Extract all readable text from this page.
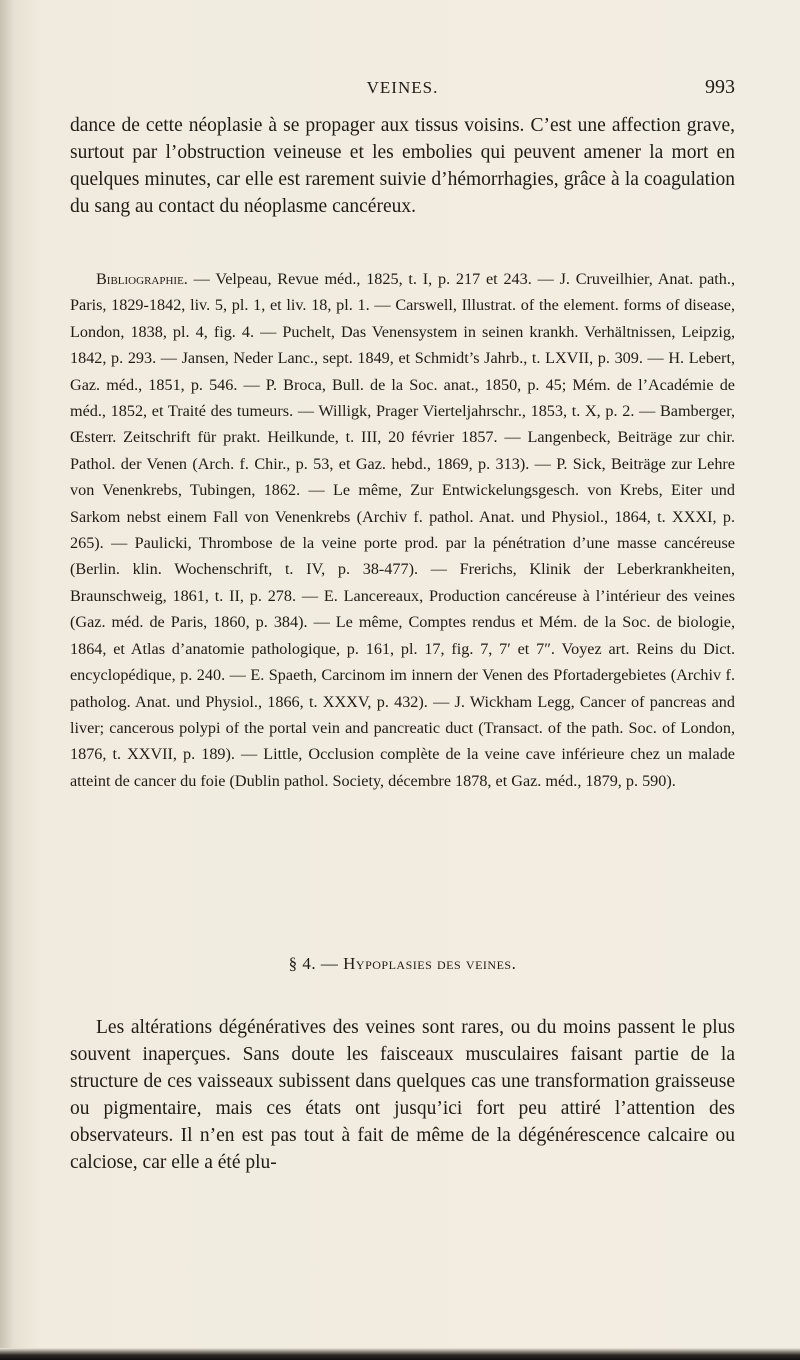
VEINES.	993

dance de cette néoplasie à se propager aux tissus voisins. C’est une affection grave, surtout par l’obstruction veineuse et les embolies qui peuvent amener la mort en quelques minutes, car elle est rarement suivie d’hémorrhagies, grâce à la coagulation du sang au contact du néoplasme cancéreux.

Bibliographie. — Velpeau, Revue méd., 1825, t. I, p. 217 et 243. — J. Cruveilhier, Anat. path., Paris, 1829-1842, liv. 5, pl. 1, et liv. 18, pl. 1. — Carswell, Illustrat. of the element. forms of disease, London, 1838, pl. 4, fig. 4. — Puchelt, Das Venensystem in seinen krankh. Verhältnissen, Leipzig, 1842, p. 293. — Jansen, Neder Lanc., sept. 1849, et Schmidt’s Jahrb., t. LXVII, p. 309. — H. Lebert, Gaz. méd., 1851, p. 546. — P. Broca, Bull. de la Soc. anat., 1850, p. 45; Mém. de l’Académie de méd., 1852, et Traité des tumeurs. — Willigk, Prager Vierteljahrschr., 1853, t. X, p. 2. — Bamberger, Œsterr. Zeitschrift für prakt. Heilkunde, t. III, 20 février 1857. — Langenbeck, Beiträge zur chir. Pathol. der Venen (Arch. f. Chir., p. 53, et Gaz. hebd., 1869, p. 313). — P. Sick, Beiträge zur Lehre von Venenkrebs, Tubingen, 1862. — Le même, Zur Entwickelungsgesch. von Krebs, Eiter und Sarkom nebst einem Fall von Venenkrebs (Archiv f. pathol. Anat. und Physiol., 1864, t. XXXI, p. 265). — Paulicki, Thrombose de la veine porte prod. par la pénétration d’une masse cancéreuse (Berlin. klin. Wochenschrift, t. IV, p. 38-477). — Frerichs, Klinik der Leberkrankheiten, Braunschweig, 1861, t. II, p. 278. — E. Lancereaux, Production cancéreuse à l’intérieur des veines (Gaz. méd. de Paris, 1860, p. 384). — Le même, Comptes rendus et Mém. de la Soc. de biologie, 1864, et Atlas d’anatomie pathologique, p. 161, pl. 17, fig. 7, 7′ et 7″. Voyez art. Reins du Dict. encyclopédique, p. 240. — E. Spaeth, Carcinom im innern der Venen des Pfortadergebietes (Archiv f. patholog. Anat. und Physiol., 1866, t. XXXV, p. 432). — J. Wickham Legg, Cancer of pancreas and liver; cancerous polypi of the portal vein and pancreatic duct (Transact. of the path. Soc. of London, 1876, t. XXVII, p. 189). — Little, Occlusion complète de la veine cave inférieure chez un malade atteint de cancer du foie (Dublin pathol. Society, décembre 1878, et Gaz. méd., 1879, p. 590).

§ 4. — Hypoplasies des veines.

Les altérations dégénératives des veines sont rares, ou du moins passent le plus souvent inaperçues. Sans doute les faisceaux musculaires faisant partie de la structure de ces vaisseaux subissent dans quelques cas une transformation graisseuse ou pigmentaire, mais ces états ont jusqu’ici fort peu attiré l’attention des observateurs. Il n’en est pas tout à fait de même de la dégénérescence calcaire ou calciose, car elle a été plu-
